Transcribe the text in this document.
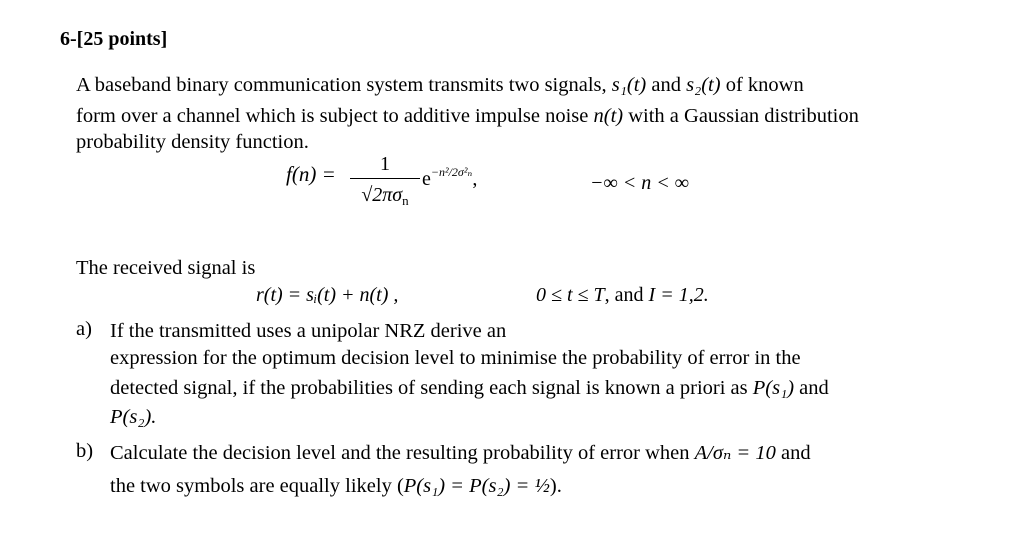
6-[25 points]
A baseband binary communication system transmits two signals, s₁(t) and s₂(t) of known
form over a channel which is subject to additive impulse noise n(t) with a Gaussian distribution
probability density function.
f(n) =	1
$√2\pi\sigma_n$
$e^{-n^2/2\sigma^2_n}$,	−∞ < n < ∞
The received signal is
r(t) = sᵢ(t) + n(t) ,	0 ≤ t ≤ T, and I = 1,2.
a) If the transmitted uses a unipolar NRZ derive an
expression for the optimum decision level to minimise the probability of error in the
detected signal, if the probabilities of sending each signal is known a priori as P(s₁) and
P(s₂).
b) Calculate the decision level and the resulting probability of error when A/σₙ = 10 and
the two symbols are equally likely (P(s₁) = P(s₂) = ½).
